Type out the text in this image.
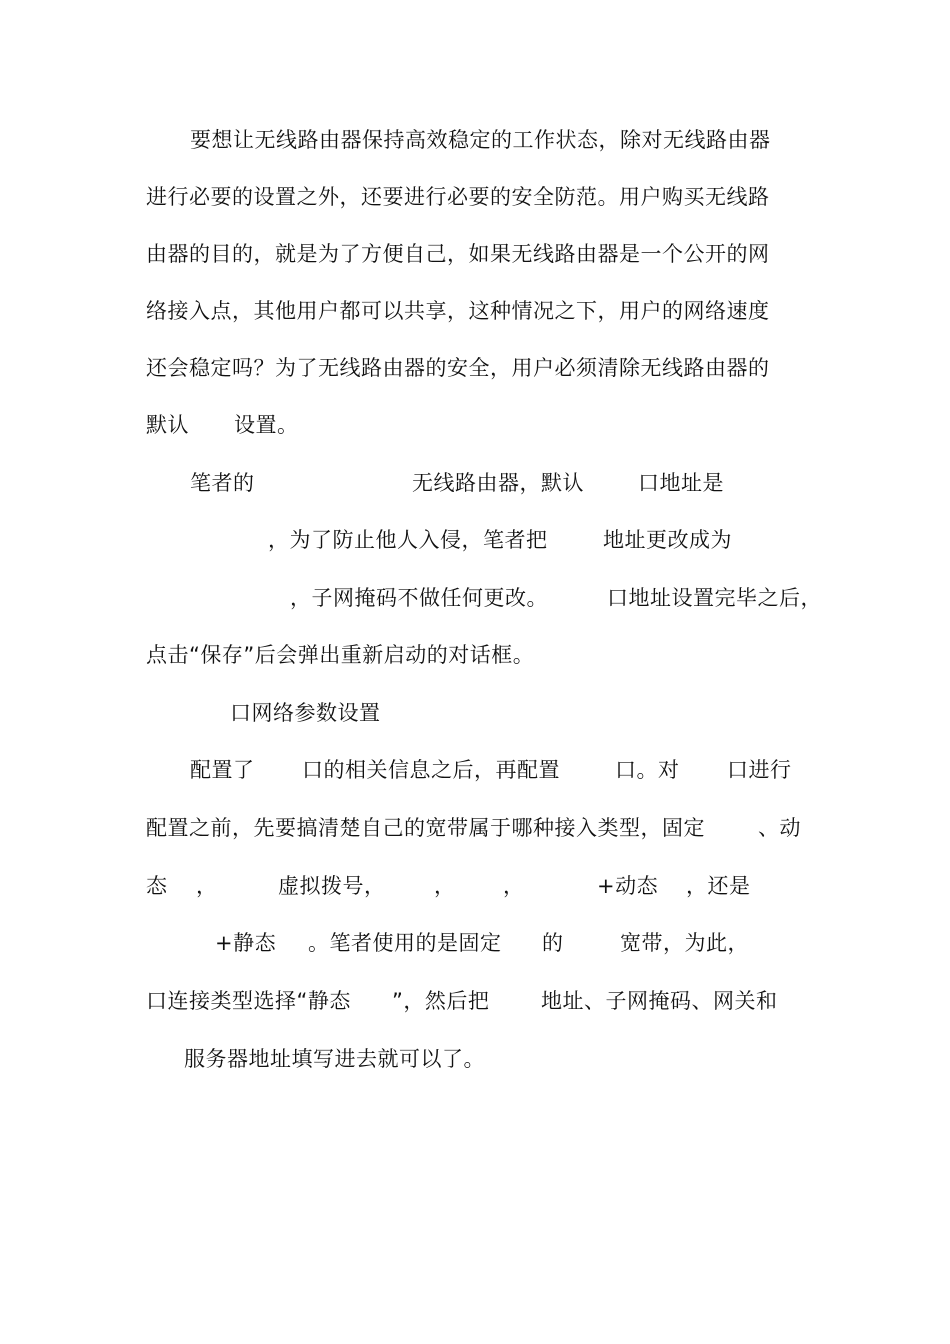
要想让无线路由器保持高效稳定的工作状态，除对无线路由器

进行必要的设置之外，还要进行必要的安全防范。用户购买无线路

由器的目的，就是为了方便自己，如果无线路由器是一个公开的网

络接入点，其他用户都可以共享，这种情况之下，用户的网络速度

还会稳定吗？为了无线路由器的安全，用户必须清除无线路由器的

默认

设置。

笔者的

	无线路由器，默认

	口地址是

，为了防止他人入侵，笔者把

	地址更改成为

，子网掩码不做任何更改。

	口地址设置完毕之后，

点击“保存”后会弹出重新启动的对话框。

口网络参数设置

配置了

口的相关信息之后，再配置

	口。对

口进行

配置之前，先要搞清楚自己的宽带属于哪种接入类型，固定

	、动

态

，

	虚拟拨号，

，

，

	+动态

，还是

+静态

。笔者使用的是固定

的

	宽带，为此，

口连接类型选择“静态

”，然后把

地址、子网掩码、网关和

服务器地址填写进去就可以了。
